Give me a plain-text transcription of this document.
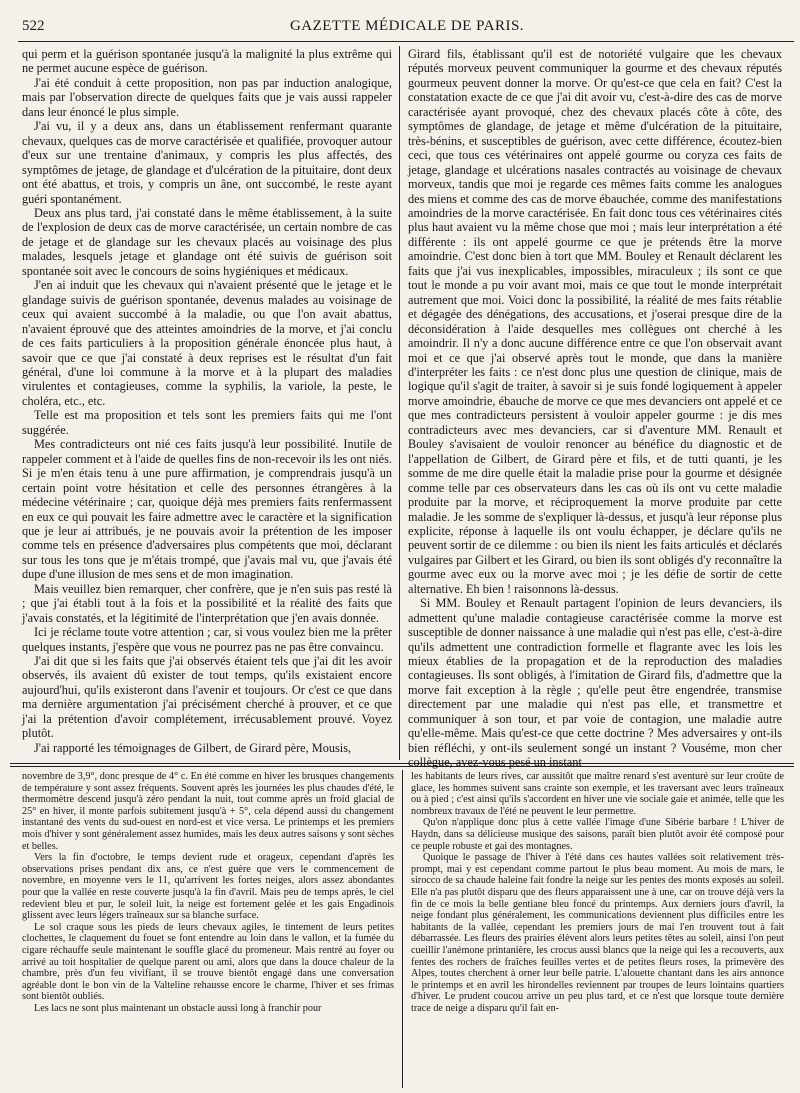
522	GAZETTE MÉDICALE DE PARIS.

qui perm et la guérison spontanée jusqu'à la malignité la plus extrême qui ne permet aucune espèce de guérison.

J'ai été conduit à cette proposition, non pas par induction analogique, mais par l'observation directe de quelques faits que je vais aussi rappeler dans leur énoncé le plus simple.

J'ai vu, il y a deux ans, dans un établissement renfermant quarante chevaux, quelques cas de morve caractérisée et qualifiée, provoquer autour d'eux sur une trentaine d'animaux, y compris les plus affectés, des symptômes de jetage, de glandage et d'ulcération de la pituitaire, dont deux ont été abattus, et trois, y compris un âne, ont succombé, le reste ayant guéri spontanément.

Deux ans plus tard, j'ai constaté dans le même établissement, à la suite de l'explosion de deux cas de morve caractérisée, un certain nombre de cas de jetage et de glandage sur les chevaux placés au voisinage des plus malades, lesquels jetage et glandage ont été suivis de guérison soit spontanée soit avec le concours de soins hygiéniques et médicaux.

J'en ai induit que les chevaux qui n'avaient présenté que le jetage et le glandage suivis de guérison spontanée, devenus malades au voisinage de ceux qui avaient succombé à la maladie, ou que l'on avait abattus, n'avaient éprouvé que des atteintes amoindries de la morve, et j'ai conclu de ces faits particuliers à la proposition générale énoncée plus haut, à savoir que ce que j'ai constaté à deux reprises est le résultat d'un fait général, d'une loi commune à la morve et à la plupart des maladies virulentes et contagieuses, comme la syphilis, la variole, la peste, le choléra, etc., etc.

Telle est ma proposition et tels sont les premiers faits qui me l'ont suggérée.

Mes contradicteurs ont nié ces faits jusqu'à leur possibilité. Inutile de rappeler comment et à l'aide de quelles fins de non-recevoir ils les ont niés. Si je m'en étais tenu à une pure affirmation, je comprendrais jusqu'à un certain point votre hésitation et celle des personnes étrangères à la médecine vétérinaire ; car, quoique déjà mes premiers faits renfermassent en eux ce qui pouvait les faire admettre avec le caractère et la signification que je leur ai attribués, je ne pouvais avoir la prétention de les imposer comme tels en présence d'adversaires plus compétents que moi, déclarant sur tous les tons que je m'étais trompé, que j'avais mal vu, que j'avais été dupe d'une illusion de mes sens et de mon imagination.

Mais veuillez bien remarquer, cher confrère, que je n'en suis pas resté là ; que j'ai établi tout à la fois et la possibilité et la réalité des faits que j'avais constatés, et la légitimité de l'interprétation que j'en avais donnée.

Ici je réclame toute votre attention ; car, si vous voulez bien me la prêter quelques instants, j'espère que vous ne pourrez pas ne pas être convaincu.

J'ai dit que si les faits que j'ai observés étaient tels que j'ai dit les avoir observés, ils avaient dû exister de tout temps, qu'ils existaient encore aujourd'hui, qu'ils existeront dans l'avenir et toujours. Or c'est ce que dans ma dernière argumentation j'ai précisément cherché à prouver, et ce que j'ai la prétention d'avoir complétement, irrécusablement prouvé. Voyez plutôt.

J'ai rapporté les témoignages de Gilbert, de Girard père, Mousis,

Girard fils, établissant qu'il est de notoriété vulgaire que les chevaux réputés morveux peuvent communiquer la gourme et des chevaux réputés gourmeux peuvent donner la morve. Or qu'est-ce que cela en fait? C'est la constatation exacte de ce que j'ai dit avoir vu, c'est-à-dire des cas de morve caractérisée ayant provoqué, chez des chevaux placés côte à côte, des symptômes de glandage, de jetage et même d'ulcération de la pituitaire, très-bénins, et susceptibles de guérison, avec cette différence, écoutez-bien ceci, que tous ces vétérinaires ont appelé gourme ou coryza ces faits de jetage, glandage et ulcérations nasales contractés au voisinage de chevaux morveux, tandis que moi je regarde ces mêmes faits comme les analogues des miens et comme des cas de morve ébauchée, comme des manifestations amoindries de la morve caractérisée. En fait donc tous ces vétérinaires cités plus haut avaient vu la même chose que moi ; mais leur interprétation a été différente : ils ont appelé gourme ce que je prétends être la morve amoindrie. C'est donc bien à tort que MM. Bouley et Renault déclarent les faits que j'ai vus inexplicables, impossibles, miraculeux ; ils sont ce que tout le monde a pu voir avant moi, mais ce que tout le monde interprétait autrement que moi. Voici donc la possibilité, la réalité de mes faits rétablie et dégagée des dénégations, des accusations, et j'oserai presque dire de la déconsidération à l'aide desquelles mes collègues ont cherché à les amoindrir. Il n'y a donc aucune différence entre ce que l'on observait avant moi et ce que j'ai observé après tout le monde, que dans la manière d'interpréter les faits : ce n'est donc plus une question de clinique, mais de logique qu'il s'agit de traiter, à savoir si je suis fondé logiquement à appeler morve amoindrie, ébauche de morve ce que mes devanciers ont appelé et ce que mes contradicteurs persistent à vouloir appeler gourme : je dis mes contradicteurs avec mes devanciers, car si d'aventure MM. Renault et Bouley s'avisaient de vouloir renoncer au bénéfice du diagnostic et de l'appellation de Gilbert, de Girard père et fils, et de tutti quanti, je les somme de me dire quelle était la maladie prise pour la gourme et désignée comme telle par ces observateurs dans les cas où ils ont vu cette maladie produite par la morve, et réciproquement la morve produite par cette maladie. Je les somme de s'expliquer là-dessus, et jusqu'à leur réponse plus explicite, réponse à laquelle ils ont voulu échapper, je déclare qu'ils ne peuvent sortir de ce dilemme : ou bien ils nient les faits articulés et déclarés vulgaires par Gilbert et les Girard, ou bien ils sont obligés d'y reconnaître la gourme avec eux ou la morve avec moi ; je les défie de sortir de cette alternative. Eh bien ! raisonnons là-dessus.

Si MM. Bouley et Renault partagent l'opinion de leurs devanciers, ils admettent qu'une maladie contagieuse caractérisée comme la morve est susceptible de donner naissance à une maladie qui n'est pas elle, c'est-à-dire qu'ils admettent une contradiction formelle et flagrante avec les lois les mieux établies de la propagation et de la reproduction des maladies contagieuses. Ils sont obligés, à l'imitation de Girard fils, d'admettre que la morve fait exception à la règle ; qu'elle peut être engendrée, transmise directement par une maladie qui n'est pas elle, et transmettre et communiquer à son tour, et par voie de contagion, une maladie autre qu'elle-même. Mais qu'est-ce que cette doctrine ? Mes adversaires y ont-ils bien réfléchi, y ont-ils seulement songé un instant ? Vouséme, mon cher collègue, avez-vous pesé un instant

novembre de 3,9°, donc presque de 4° c. En été comme en hiver les brusques changements de température y sont assez fréquents. Souvent après les journées les plus chaudes d'été, le thermomètre descend jusqu'à zéro pendant la nuit, tout comme après un froid glacial de 25° en hiver, il monte parfois subitement jusqu'à + 5°, cela dépend aussi du changement instantané des vents du sud-ouest en nord-est et vice versa. Le printemps et les premiers mois d'hiver y sont généralement assez humides, mais les deux autres saisons y sont sèches et belles.

Vers la fin d'octobre, le temps devient rude et orageux, cependant d'après les observations prises pendant dix ans, ce n'est guère que vers le commencement de novembre, en moyenne vers le 11, qu'arrivent les fortes neiges, alors assez abondantes pour que la vallée en reste couverte jusqu'à la fin d'avril. Mais peu de temps après, le ciel redevient bleu et pur, le soleil luit, la neige est fortement gelée et les gais Engadinois glissent avec leurs légers traîneaux sur sa blanche surface.

Le sol craque sous les pieds de leurs chevaux agiles, le tintement de leurs petites clochettes, le claquement du fouet se font entendre au loin dans le vallon, et la fumée du cigare réchauffe seule maintenant le souffle glacé du promeneur. Mais rentré au foyer ou arrivé au toit hospitalier de quelque parent ou ami, alors que dans la douce chaleur de la chambre, près d'un feu vivifiant, il se trouve bientôt engagé dans une conversation agréable dont le bon vin de la Valteline rehausse encore le charme, l'hiver et ses frimas sont bientôt oubliés.

Les lacs ne sont plus maintenant un obstacle aussi long à franchir pour

les habitants de leurs rives, car aussitôt que maître renard s'est aventuré sur leur croûte de glace, les hommes suivent sans crainte son exemple, et les traversant avec leurs traîneaux ou à pied ; c'est ainsi qu'ils s'accordent en hiver une vie sociale gaie et animée, telle que les nombreux travaux de l'été ne peuvent le leur permettre.

Qu'on n'applique donc plus à cette vallée l'image d'une Sibérie barbare ! L'hiver de Haydn, dans sa délicieuse musique des saisons, paraît bien plutôt avoir été composé pour ce peuple robuste et gai des montagnes.

Quoique le passage de l'hiver à l'été dans ces hautes vallées soit relativement très-prompt, mai y est cependant comme partout le plus beau moment. Au mois de mars, le sirocco de sa chaude haleine fait fondre la neige sur les pentes des monts exposés au soleil. Elle n'a pas plutôt disparu que des fleurs apparaissent une à une, car on trouve déjà vers la fin de ce mois la belle gentiane bleu foncé du printemps. Aux derniers jours d'avril, la neige fondant plus généralement, les communications deviennent plus difficiles entre les habitants de la vallée, cependant les premiers jours de mai l'en trouvent tout à fait débarrassée. Les fleurs des prairies élèvent alors leurs petites têtes au soleil, ainsi l'on peut cueillir l'anémone printanière, les crocus aussi blancs que la neige qui les a recouverts, aux fentes des rochers de fraîches feuilles vertes et de petites fleurs roses, la primevère des Alpes, toutes cherchent à orner leur belle patrie. L'alouette chantant dans les airs annonce le printemps et en avril les hirondelles reviennent par troupes de leurs lointains quartiers d'hiver. Le prudent coucou arrive un peu plus tard, et ce n'est que lorsque toute dernière trace de neige a disparu qu'il fait en-
